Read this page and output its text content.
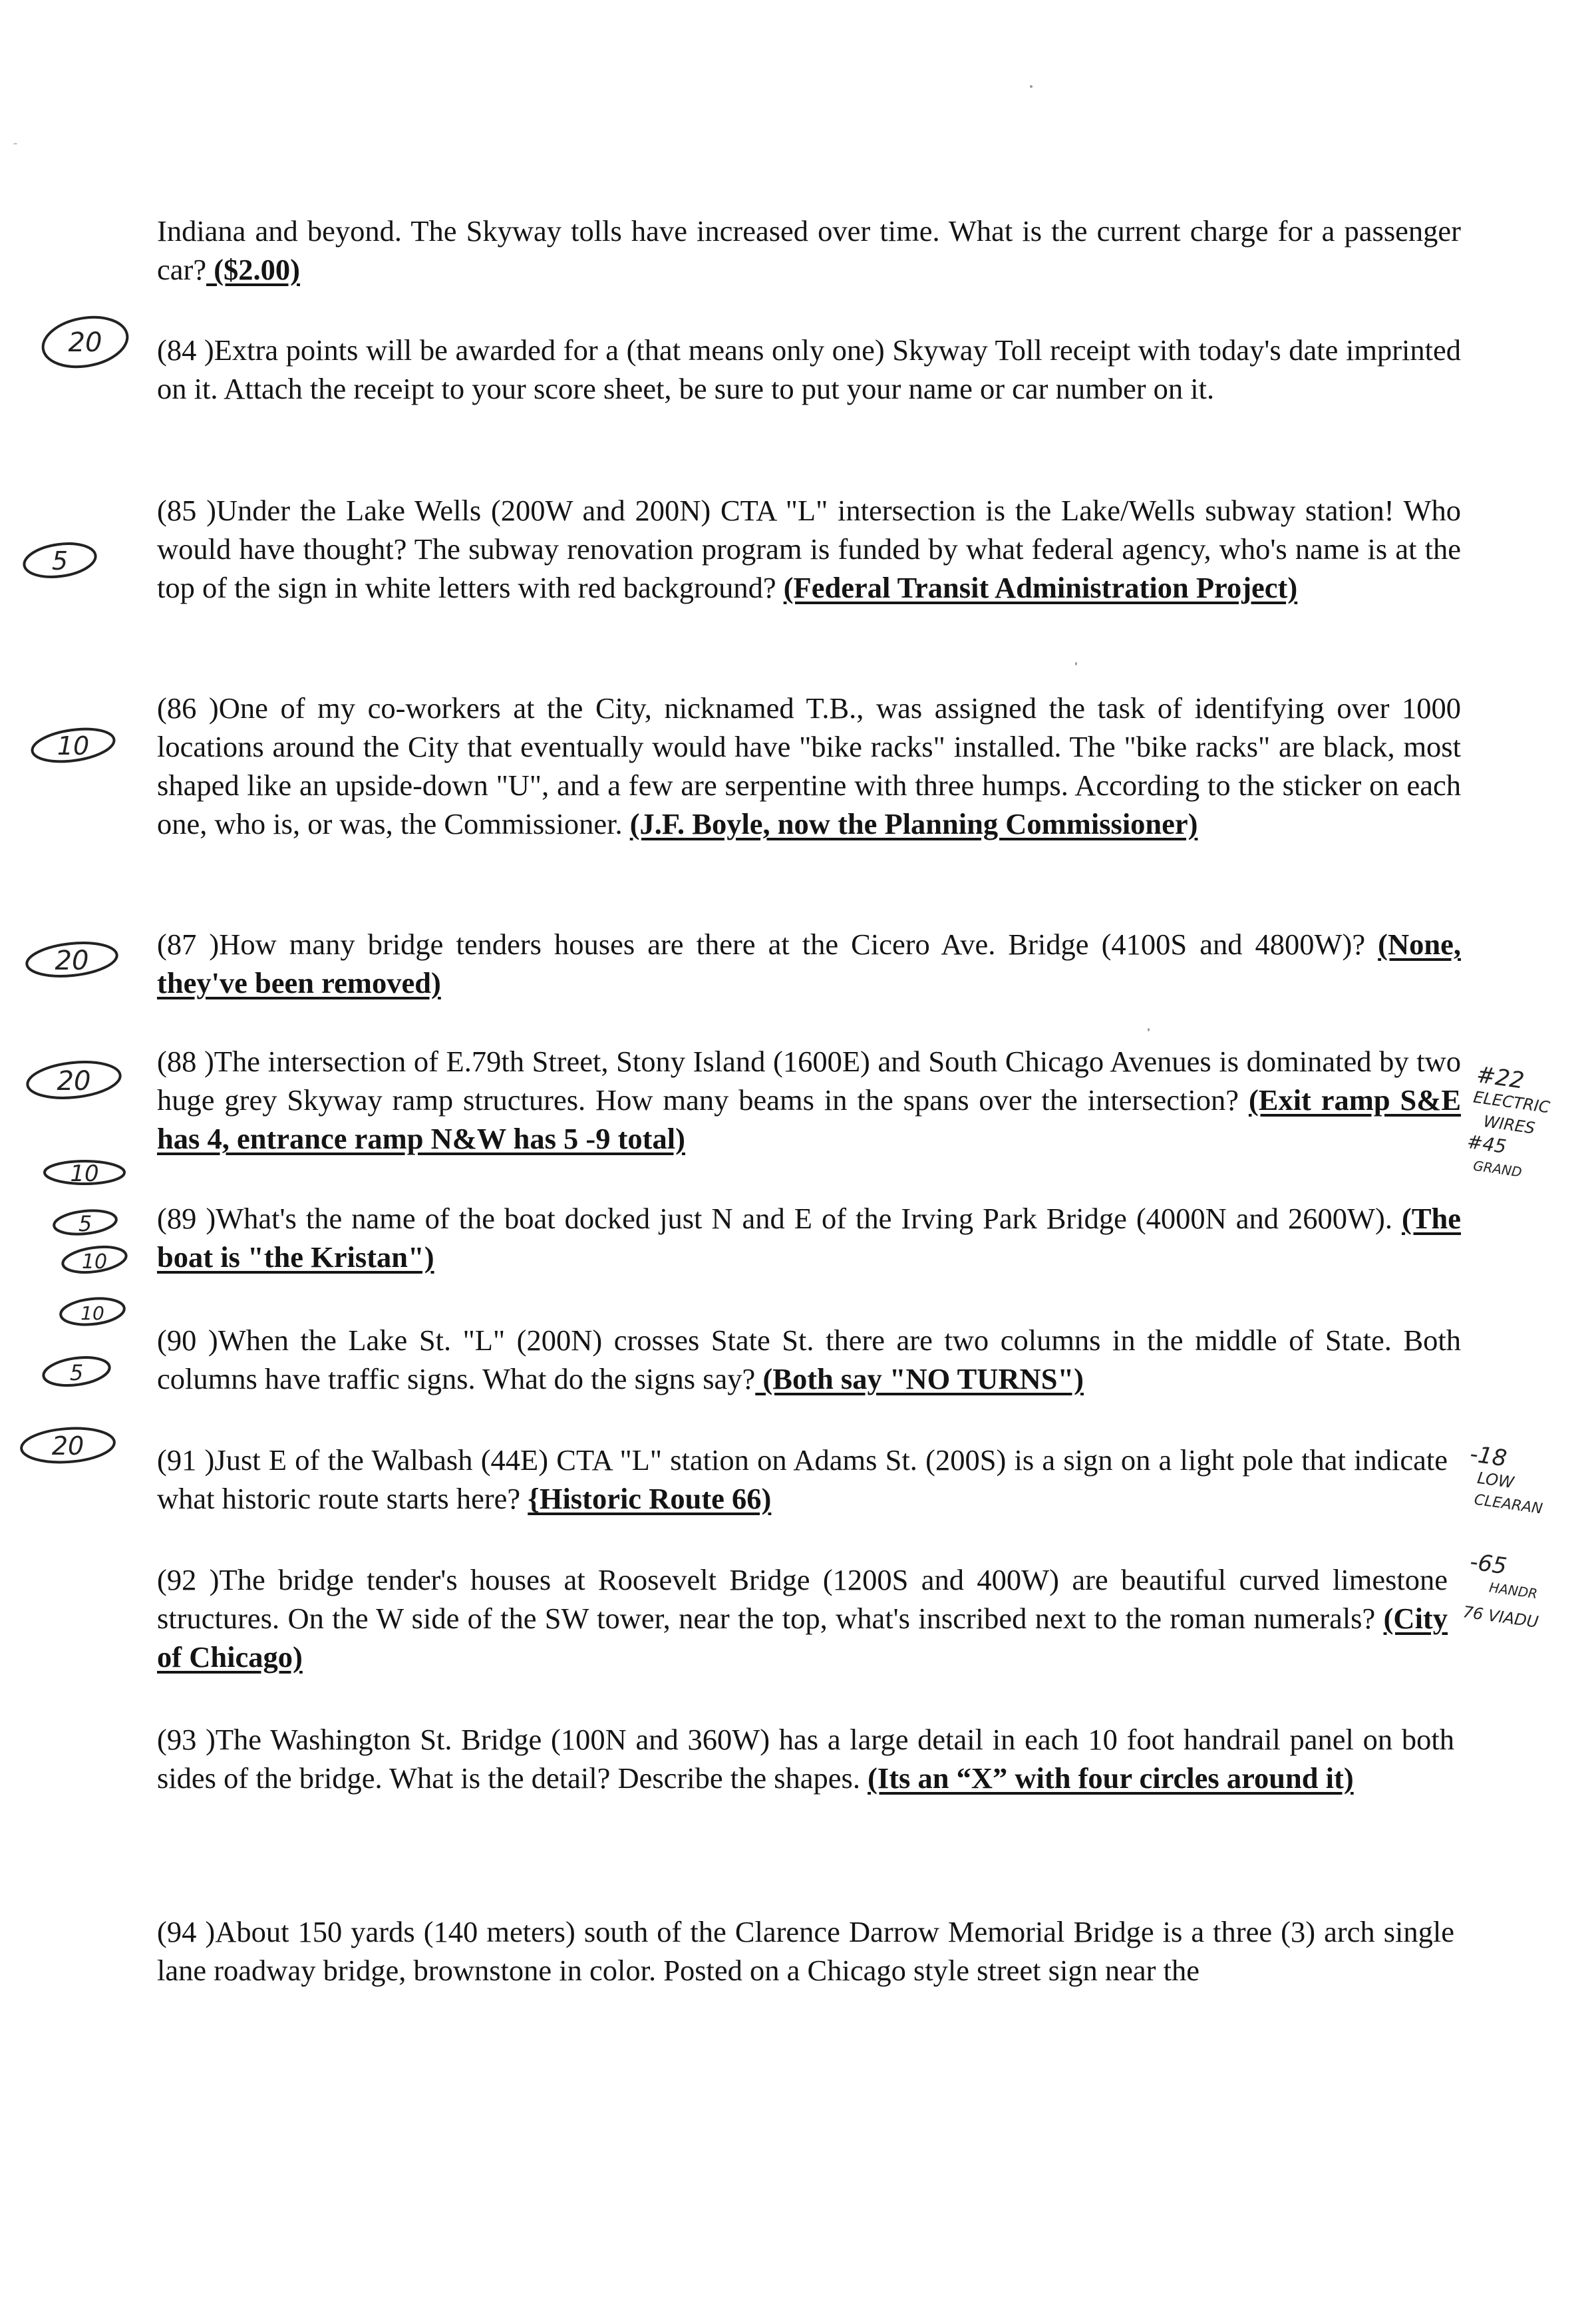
Indiana and beyond. The Skyway tolls have increased over time. What is the current charge for a passenger car? ($2.00)

(84 )Extra points will be awarded for a (that means only one) Skyway Toll receipt with today's date imprinted on it. Attach the receipt to your score sheet, be sure to put your name or car number on it.

(85 )Under the Lake Wells (200W and 200N) CTA "L" intersection is the Lake/Wells subway station! Who would have thought? The subway renovation program is funded by what federal agency, who's name is at the top of the sign in white letters with red background? (Federal Transit Administration Project)

(86 )One of my co-workers at the City, nicknamed T.B., was assigned the task of identifying over 1000 locations around the City that eventually would have "bike racks" installed. The "bike racks" are black, most shaped like an upside-down "U", and a few are serpentine with three humps. According to the sticker on each one, who is, or was, the Commissioner. (J.F. Boyle, now the Planning Commissioner)

(87 )How many bridge tenders houses are there at the Cicero Ave. Bridge (4100S and 4800W)? (None, they've been removed)

(88 )The intersection of E.79th Street, Stony Island (1600E) and South Chicago Avenues is dominated by two huge grey Skyway ramp structures. How many beams in the spans over the intersection? (Exit ramp S&E has 4, entrance ramp N&W has 5 -9 total)

(89 )What's the name of the boat docked just N and E of the Irving Park Bridge (4000N and 2600W). (The boat is "the Kristan")

(90 )When the Lake St. "L" (200N) crosses State St. there are two columns in the middle of State. Both columns have traffic signs. What do the signs say? (Both say "NO TURNS")

(91 )Just E of the Walbash (44E) CTA "L" station on Adams St. (200S) is a sign on a light pole that indicate what historic route starts here? {Historic Route 66)

(92 )The bridge tender's houses at Roosevelt Bridge (1200S and 400W) are beautiful curved limestone structures. On the W side of the SW tower, near the top, what's inscribed next to the roman numerals? (City of Chicago)

(93 )The Washington St. Bridge (100N and 360W) has a large detail in each 10 foot handrail panel on both sides of the bridge. What is the detail? Describe the shapes. (Its an “X” with four circles around it)

(94 )About 150 yards (140 meters) south of the Clarence Darrow Memorial Bridge is a three (3) arch single lane roadway bridge, brownstone in color. Posted on a Chicago style street sign near the

20
5
10
20
20
10
5
10
10
5
20
#22
ELECTRIC
WIRES
#45
GRAND
-18
LOW
CLEARAN
-65
HANDR
76 VIADU
